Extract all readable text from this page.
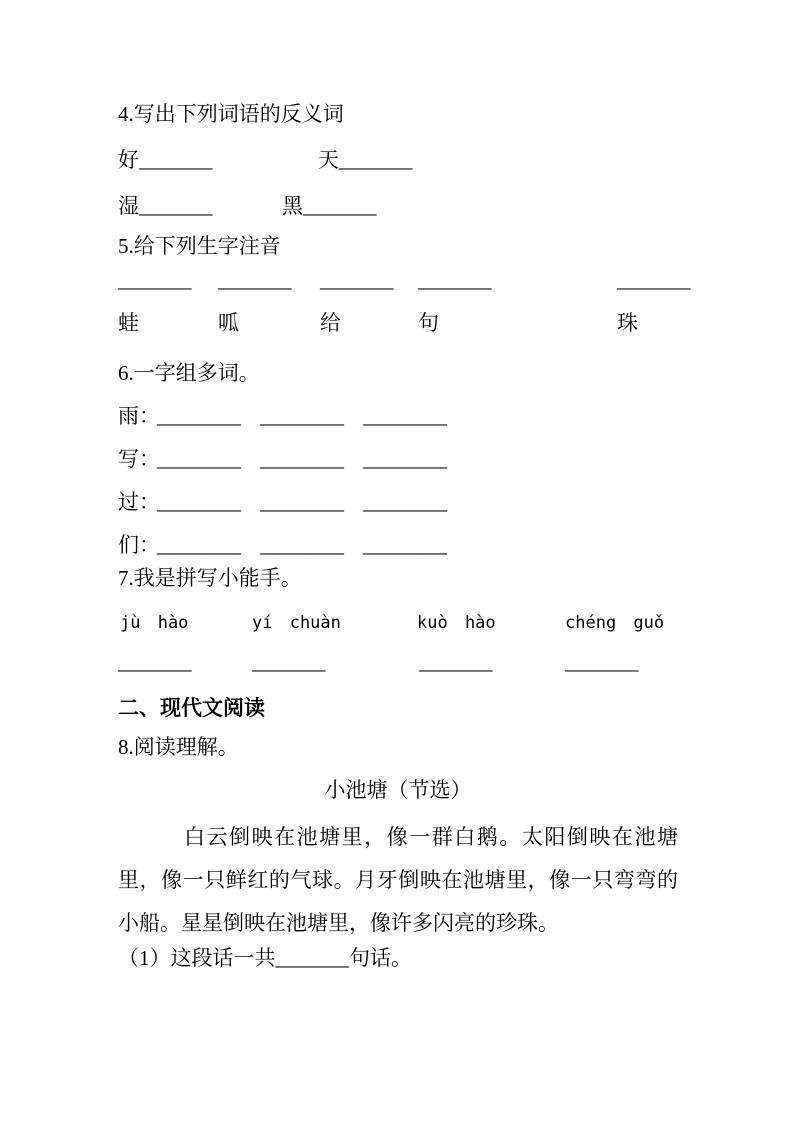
4.写出下列词语的反义词
好_______	天_______
湿_______	黑_______
5.给下列生字注音
_______ _______ _______ _______	_______
蛙	呱	给	句	珠
6.一字组多词。
雨：
________ ________ ________
写：
________ ________ ________
过：
________ ________ ________
们：
________ ________ ________
7.我是拼写小能手。
jù hào	yí chuàn	kuò hào	chéng guǒ
_______	_______	_______	_______
二、现代文阅读
8.阅读理解。
小池塘（节选）
白云倒映在池塘里，像一群白鹅。太阳倒映在池塘里，像一只鲜红的气球。月牙倒映在池塘里，像一只弯弯的小船。星星倒映在池塘里，像许多闪亮的珍珠。
（1）这段话一共_______句话。
